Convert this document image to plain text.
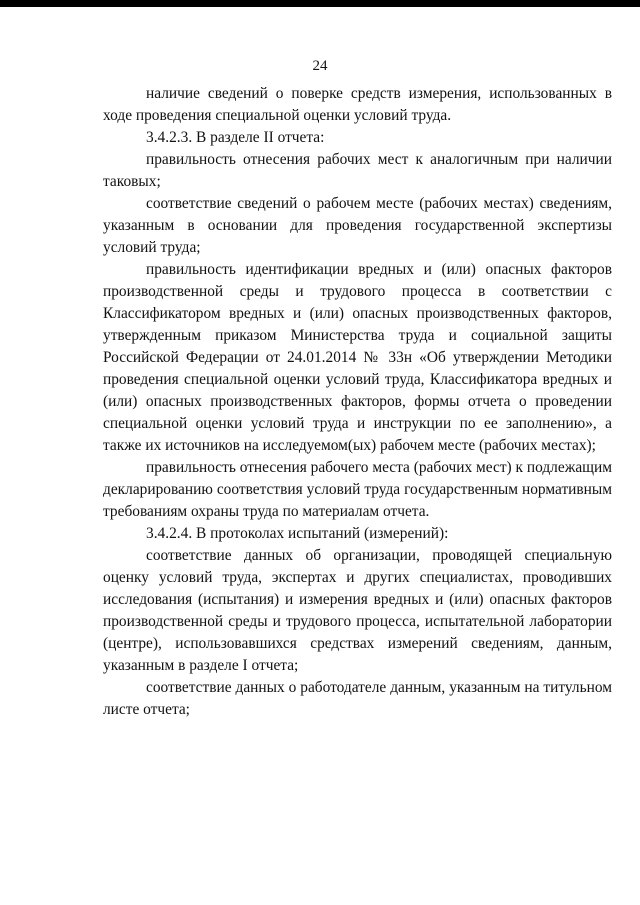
24

наличие сведений о поверке средств измерения, использованных в ходе проведения специальной оценки условий труда.

3.4.2.3. В разделе II отчета:

правильность отнесения рабочих мест к аналогичным при наличии таковых;

соответствие сведений о рабочем месте (рабочих местах) сведениям, указанным в основании для проведения государственной экспертизы условий труда;

правильность идентификации вредных и (или) опасных факторов производственной среды и трудового процесса в соответствии с Классификатором вредных и (или) опасных производственных факторов, утвержденным приказом Министерства труда и социальной защиты Российской Федерации от 24.01.2014 № 33н «Об утверждении Методики проведения специальной оценки условий труда, Классификатора вредных и (или) опасных производственных факторов, формы отчета о проведении специальной оценки условий труда и инструкции по ее заполнению», а также их источников на исследуемом(ых) рабочем месте (рабочих местах);

правильность отнесения рабочего места (рабочих мест) к подлежащим декларированию соответствия условий труда государственным нормативным требованиям охраны труда по материалам отчета.

3.4.2.4. В протоколах испытаний (измерений):

соответствие данных об организации, проводящей специальную оценку условий труда, экспертах и других специалистах, проводивших исследования (испытания) и измерения вредных и (или) опасных факторов производственной среды и трудового процесса, испытательной лаборатории (центре), использовавшихся средствах измерений сведениям, данным, указанным в разделе I отчета;

соответствие данных о работодателе данным, указанным на титульном листе отчета;
